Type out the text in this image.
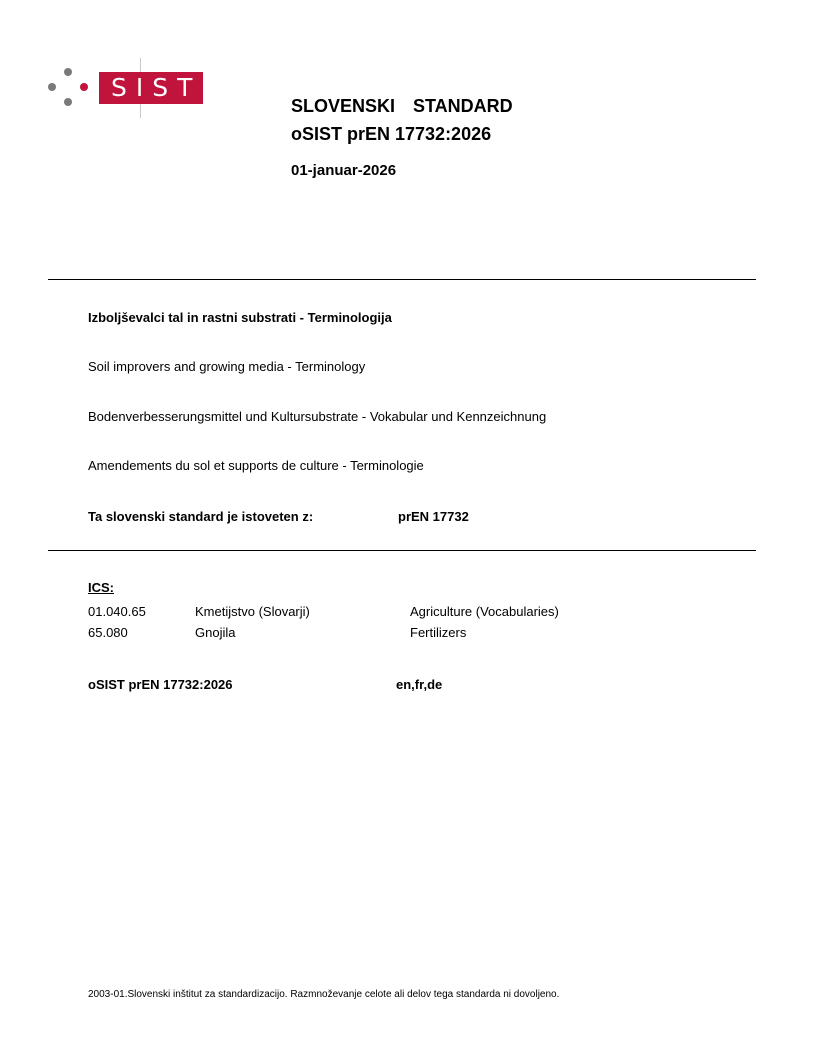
SIST
SLOVENSKI  STANDARD
oSIST prEN 17732:2026
01-januar-2026
Izboljševalci tal in rastni substrati - Terminologija
Soil improvers and growing media - Terminology
Bodenverbesserungsmittel und Kultursubstrate - Vokabular und Kennzeichnung
Amendements du sol et supports de culture - Terminologie
Ta slovenski standard je istoveten z:	prEN 17732
ICS:
01.040.65	Kmetijstvo (Slovarji)	Agriculture (Vocabularies)
65.080	Gnojila	Fertilizers
oSIST prEN 17732:2026	en,fr,de
2003-01.Slovenski inštitut za standardizacijo. Razmnoževanje celote ali delov tega standarda ni dovoljeno.
